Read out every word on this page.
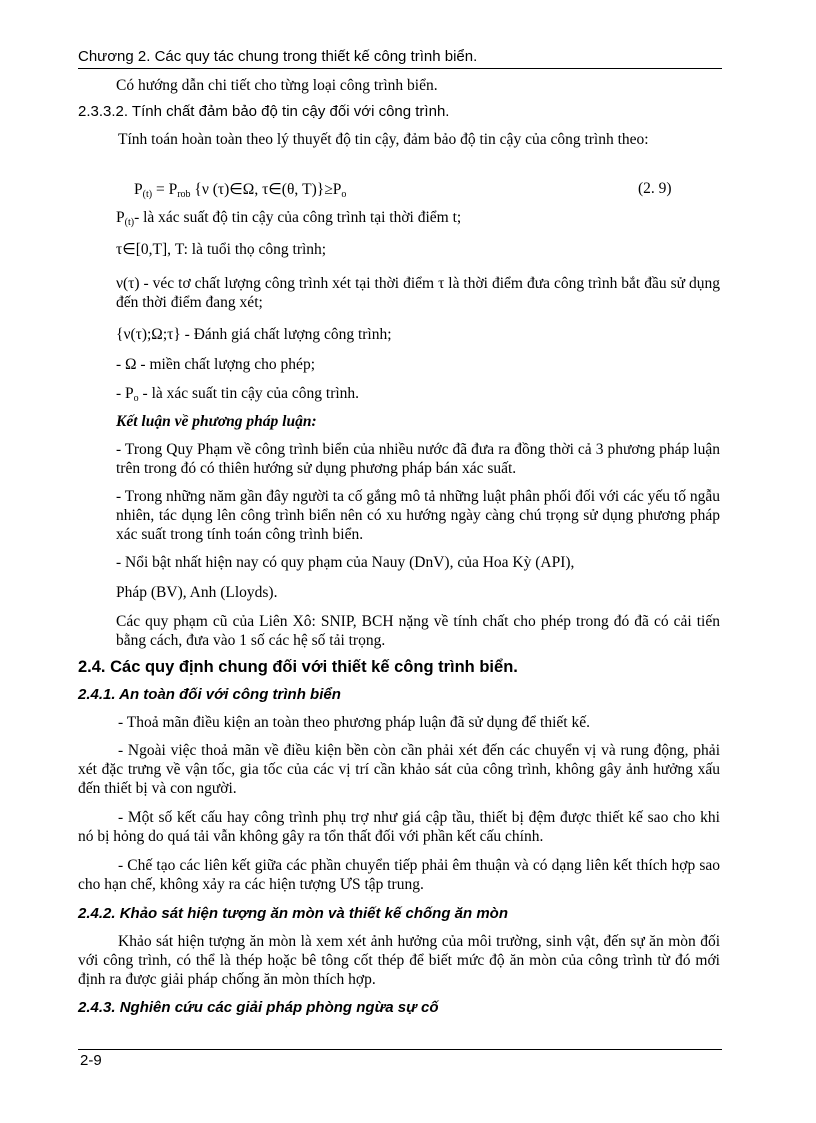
Chương 2. Các quy tác chung trong thiết kế công trình biển.
Có hướng dẫn chi tiết cho từng loại công trình biển.
2.3.3.2. Tính chất đảm bảo độ tin cậy đối với công trình.
Tính toán hoàn toàn theo lý thuyết độ tin cậy, đảm bảo độ tin cậy của công trình theo:
$P_{(t)} = P_{rob}$ {ν (τ)∈Ω, τ∈(θ, $T)\}\ge P_o$	(2. 9)
$P_{(t)}-$ là xác suất độ tin cậy của công trình tại thời điểm t;
τ∈[0,T], T: là tuổi thọ công trình;
ν(τ) - véc tơ chất lượng công trình xét tại thời điểm τ là thời điểm đưa công trình bắt đầu sử dụng đến thời điểm đang xét;
{ν(τ);Ω;τ} - Đánh giá chất lượng công trình;
- Ω - miền chất lượng cho phép;
- $P_o$ - là xác suất tin cậy của công trình.
Kết luận về phương pháp luận:
- Trong Quy Phạm về công trình biển của nhiều nước đã đưa ra đồng thời cả 3 phương pháp luận trên trong đó có thiên hướng sử dụng phương pháp bán xác suất.
- Trong những năm gần đây người ta cố gắng mô tả những luật phân phối đối với các yếu tố ngẫu nhiên, tác dụng lên công trình biển nên có xu hướng ngày càng chú trọng sử dụng phương pháp xác suất trong tính toán công trình biển.
- Nổi bật nhất hiện nay có quy phạm của Nauy (DnV), của Hoa Kỳ (API),
Pháp (BV), Anh (Lloyds).
Các quy phạm cũ của Liên Xô: SNIP, BCH nặng về tính chất cho phép trong đó đã có cải tiến bằng cách, đưa vào 1 số các hệ số tải trọng.
2.4. Các quy định chung đối với thiết kế công trình biển.
2.4.1. An toàn đối với công trình biển
- Thoả mãn điều kiện an toàn theo phương pháp luận đã sử dụng để thiết kế.
- Ngoài việc thoả mãn về điều kiện bền còn cần phải xét đến các chuyển vị và rung động, phải xét đặc trưng về vận tốc, gia tốc của các vị trí cần khảo sát của công trình, không gây ảnh hưởng xấu đến thiết bị và con người.
- Một số kết cấu hay công trình phụ trợ như giá cập tầu, thiết bị đệm được thiết kế sao cho khi nó bị hỏng do quá tải vẫn không gây ra tổn thất đối với phần kết cấu chính.
- Chế tạo các liên kết giữa các phần chuyển tiếp phải êm thuận và có dạng liên kết thích hợp sao cho hạn chế, không xảy ra các hiện tượng ƯS tập trung.
2.4.2. Khảo sát hiện tượng ăn mòn và thiết kế chống ăn mòn
Khảo sát hiện tượng ăn mòn là xem xét ảnh hưởng của môi trường, sinh vật, đến sự ăn mòn đối với công trình, có thể là thép hoặc bê tông cốt thép để biết mức độ ăn mòn của công trình từ đó mới định ra được giải pháp chống ăn mòn thích hợp.
2.4.3. Nghiên cứu các giải pháp phòng ngừa sự cố
2-9
